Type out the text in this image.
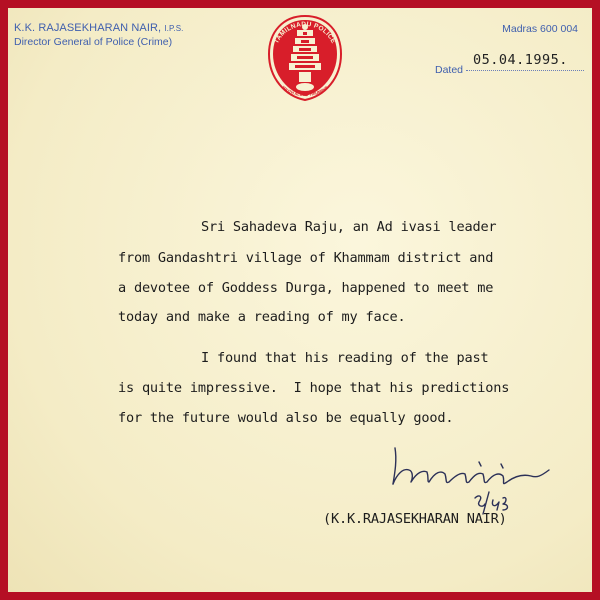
K.K. RAJASEKHARAN NAIR, I.P.S.
Director General of Police (Crime)
Madras 600 004
Dated
05.04.1995.
TAMILNADU POLICE
TRUTH ALONE TRIUMPHS
Sri Sahadeva Raju, an Ad ivasi leader
from Gandashtri village of Khammam district and
a devotee of Goddess Durga, happened to meet me
today and make a reading of my face.
I found that his reading of the past
is quite impressive.  I hope that his predictions
for the future would also be equally good.
(K.K.RAJASEKHARAN NAIR)
